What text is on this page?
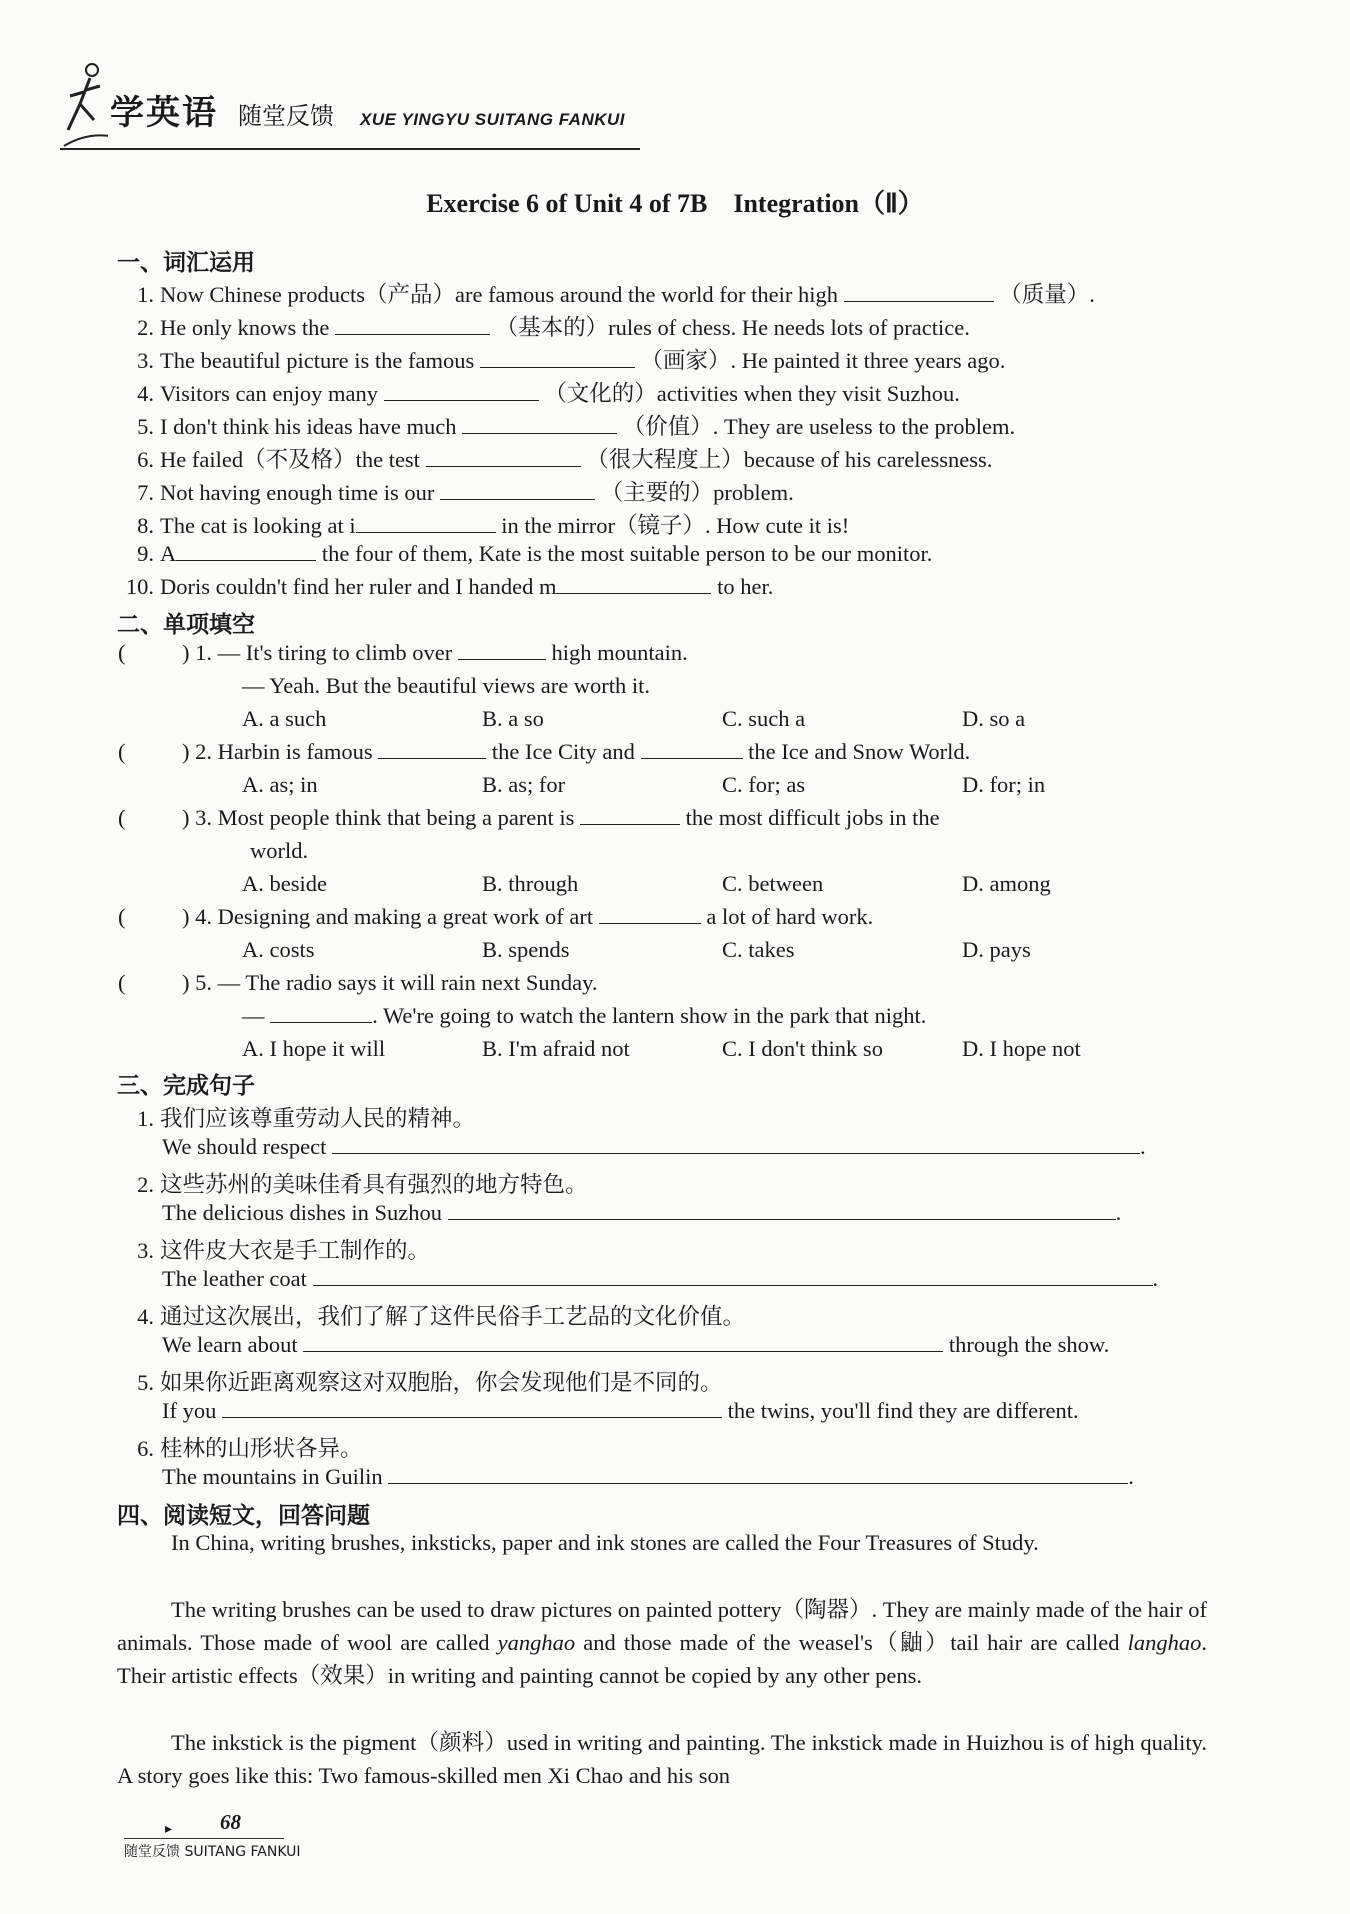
学英语 随堂反馈 XUE YINGYU SUITANG FANKUI
Exercise 6 of Unit 4 of 7B　Integration（Ⅱ）
一、词汇运用
1. Now Chinese products（产品）are famous around the world for their high	（质量）.
2. He only knows the	（基本的）rules of chess. He needs lots of practice.
3. The beautiful picture is the famous	（画家）. He painted it three years ago.
4. Visitors can enjoy many	（文化的）activities when they visit Suzhou.
5. I don't think his ideas have much	（价值）. They are useless to the problem.
6. He failed（不及格）the test	（很大程度上）because of his carelessness.
7. Not having enough time is our	（主要的）problem.
8. The cat is looking at i	in the mirror（镜子）. How cute it is!
9. A	the four of them, Kate is the most suitable person to be our monitor.
10. Doris couldn't find her ruler and I handed m	to her.
二、单项填空
(	) 1. — It's tiring to climb over	high mountain.
— Yeah. But the beautiful views are worth it.
A. a such	B. a so	C. such a	D. so a
(	) 2. Harbin is famous	the Ice City and	the Ice and Snow World.
A. as; in	B. as; for	C. for; as	D. for; in
(	) 3. Most people think that being a parent is	the most difficult jobs in the
world.
A. beside	B. through	C. between	D. among
(	) 4. Designing and making a great work of art	a lot of hard work.
A. costs	B. spends	C. takes	D. pays
(	) 5. — The radio says it will rain next Sunday.
—	. We're going to watch the lantern show in the park that night.
A. I hope it will	B. I'm afraid not	C. I don't think so	D. I hope not
三、完成句子
1. 我们应该尊重劳动人民的精神。
We should respect	.
2. 这些苏州的美味佳肴具有强烈的地方特色。
The delicious dishes in Suzhou	.
3. 这件皮大衣是手工制作的。
The leather coat	.
4. 通过这次展出，我们了解了这件民俗手工艺品的文化价值。
We learn about	through the show.
5. 如果你近距离观察这对双胞胎，你会发现他们是不同的。
If you	the twins, you'll find they are different.
6. 桂林的山形状各异。
The mountains in Guilin	.
四、阅读短文，回答问题
In China, writing brushes, inksticks, paper and ink stones are called the Four Treasures of Study.
The writing brushes can be used to draw pictures on painted pottery（陶器）. They are mainly made of the hair of animals. Those made of wool are called yanghao and those made of the weasel's（鼬）tail hair are called langhao. Their artistic effects（效果）in writing and painting cannot be copied by any other pens.
The inkstick is the pigment（颜料）used in writing and painting. The inkstick made in Huizhou is of high quality. A story goes like this: Two famous-skilled men Xi Chao and his son
▸ 68
随堂反馈 SUITANG FANKUI
